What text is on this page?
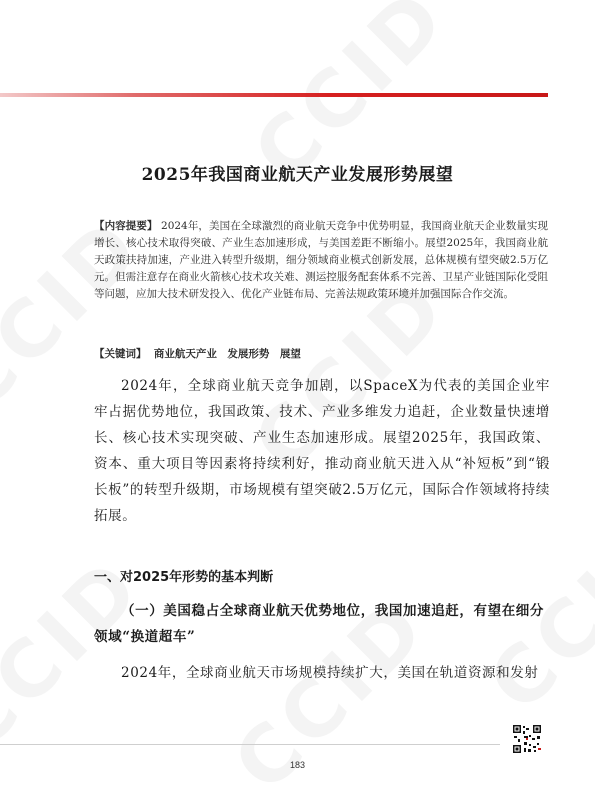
2025年我国商业航天产业发展形势展望
【内容提要】 2024年，美国在全球激烈的商业航天竞争中优势明显，我国商业航天企业数量实现增长、核心技术取得突破、产业生态加速形成，与美国差距不断缩小。展望2025年，我国商业航天政策扶持加速，产业进入转型升级期，细分领域商业模式创新发展，总体规模有望突破2.5万亿元。但需注意存在商业火箭核心技术攻关难、测运控服务配套体系不完善、卫星产业链国际化受阻等问题，应加大技术研发投入、优化产业链布局、完善法规政策环境并加强国际合作交流。
【关键词】 商业航天产业　发展形势　展望
2024年，全球商业航天竞争加剧，以SpaceX为代表的美国企业牢牢占据优势地位，我国政策、技术、产业多维发力追赶，企业数量快速增长、核心技术实现突破、产业生态加速形成。展望2025年，我国政策、资本、重大项目等因素将持续利好，推动商业航天进入从“补短板”到“锻长板”的转型升级期，市场规模有望突破2.5万亿元，国际合作领域将持续拓展。
一、对2025年形势的基本判断
（一）美国稳占全球商业航天优势地位，我国加速追赶，有望在细分领域“换道超车”
2024年，全球商业航天市场规模持续扩大，美国在轨道资源和发射
183
